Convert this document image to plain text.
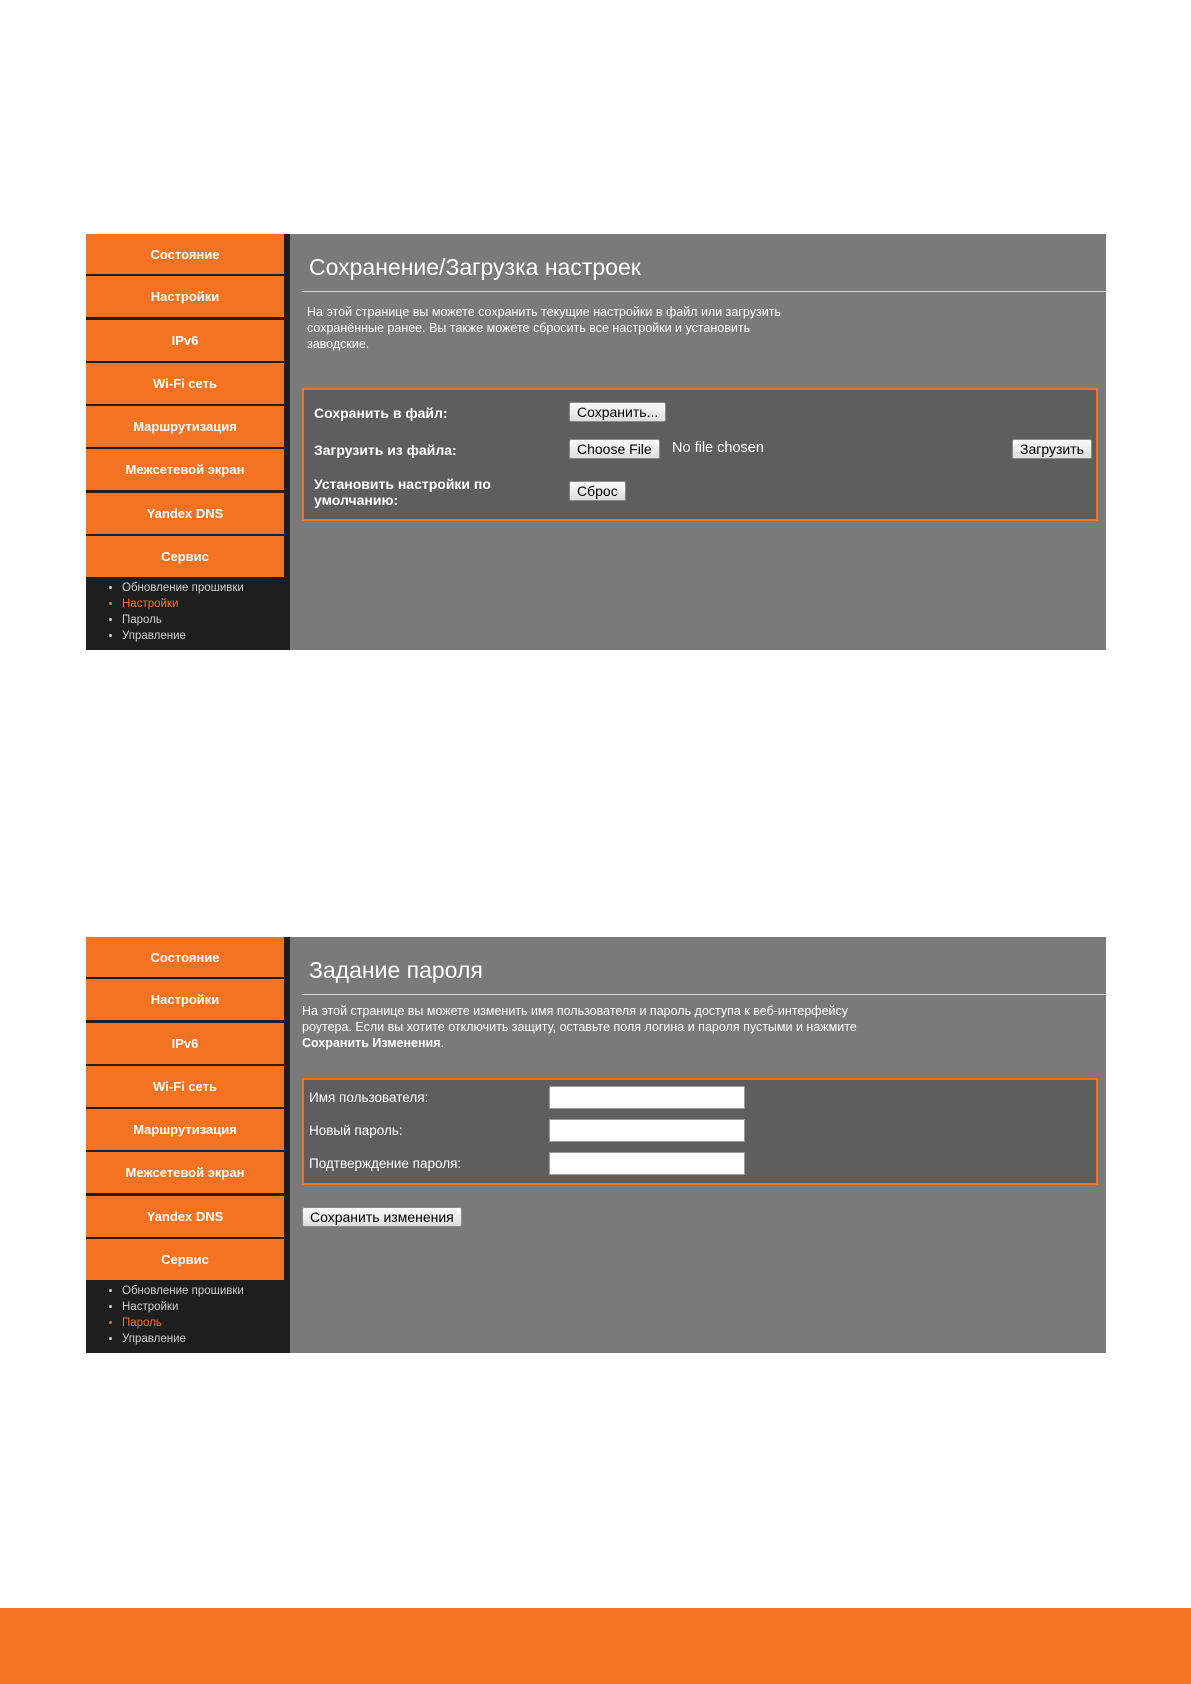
Состояние
Настройки
IPv6
Wi-Fi сеть
Маршрутизация
Межсетевой экран
Yandex DNS
Сервис
• Обновление прошивки
• Настройки
• Пароль
• Управление
Сохранение/Загрузка настроек
На этой странице вы можете сохранить текущие настройки в файл или загрузить
сохранённые ранее. Вы также можете сбросить все настройки и установить
заводские.
Сохранить в файл:	Сохранить...
Загрузить из файла:	Choose File	No file chosen	Загрузить
Установить настройки по
умолчанию:
Сброс
Состояние
Настройки
IPv6
Wi-Fi сеть
Маршрутизация
Межсетевой экран
Yandex DNS
Сервис
• Обновление прошивки
• Настройки
• Пароль
• Управление
Задание пароля
На этой странице вы можете изменить имя пользователя и пароль доступа к веб-интерфейсу
роутера. Если вы хотите отключить защиту, оставьте поля логина и пароля пустыми и нажмите
Сохранить Изменения.
Имя пользователя:
Новый пароль:
Подтверждение пароля:
Сохранить изменения
